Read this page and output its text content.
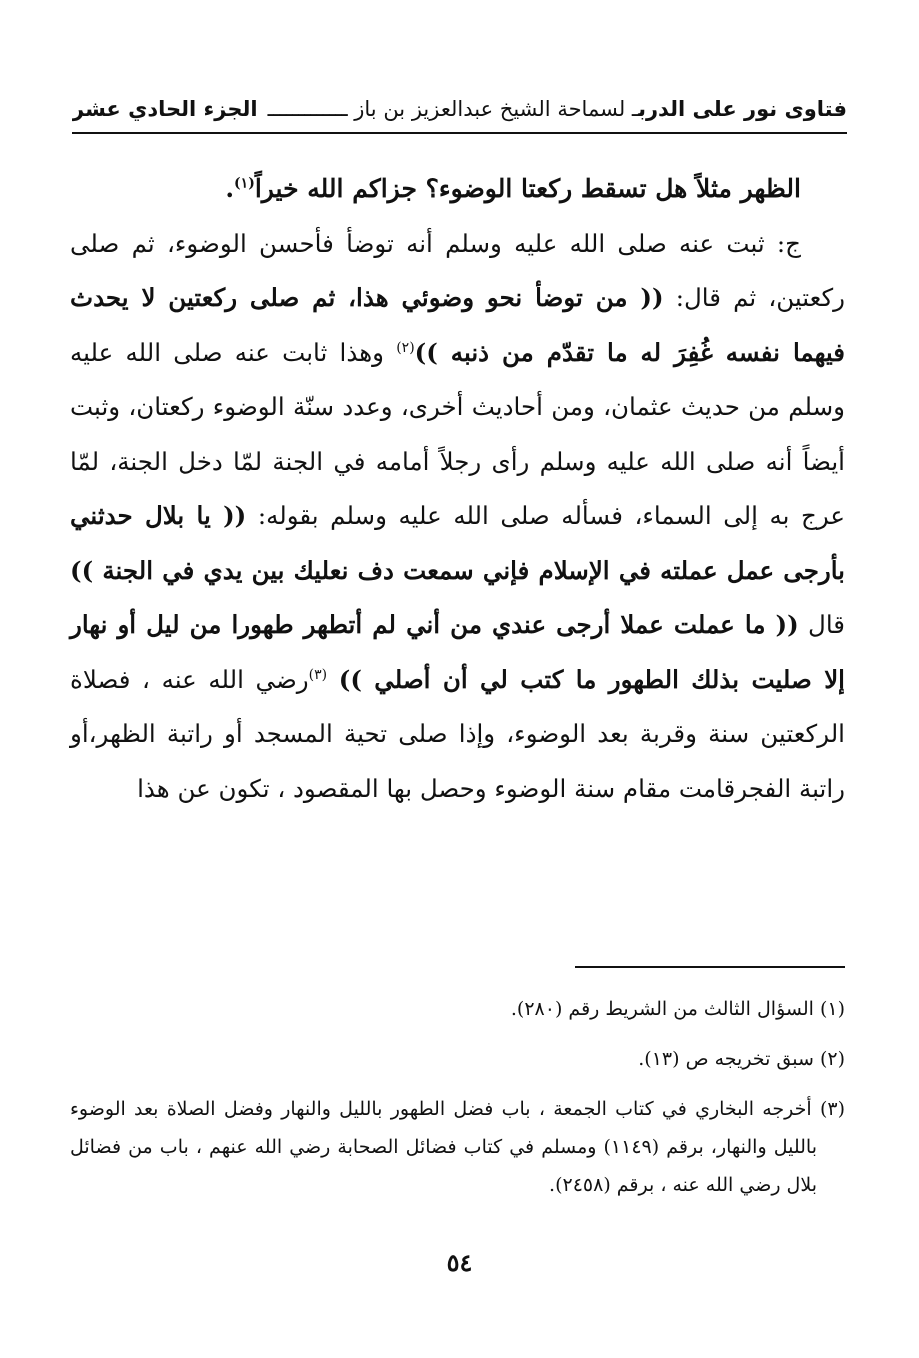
فتاوى نور على الدربـ لسماحة الشيخ عبدالعزيز بن باز ـــــــــــــ
الجزء الحادي عشر

الظهر مثلاً هل تسقط ركعتا الوضوء؟ جزاكم الله خيراً$^{(١)}$.

ج: ثبت عنه صلى الله عليه وسلم أنه توضأ فأحسن الوضوء، ثم صلى ركعتين، ثم قال: (( من توضأ نحو وضوئي هذا، ثم صلى ركعتين لا يحدث فيهما نفسه غُفِرَ له ما تقدّم من ذنبه ))$^{(٢)}$ وهذا ثابت عنه صلى الله عليه وسلم من حديث عثمان، ومن أحاديث أخرى، وعدد سنّة الوضوء ركعتان، وثبت أيضاً أنه صلى الله عليه وسلم رأى رجلاً أمامه في الجنة لمّا دخل الجنة، لمّا عرج به إلى السماء، فسأله صلى الله عليه وسلم بقوله: (( يا بلال حدثني بأرجى عمل عملته في الإسلام فإني سمعت دف نعليك بين يدي في الجنة )) قال (( ما عملت عملا أرجى عندي من أني لم أتطهر طهورا من ليل أو نهار إلا صليت بذلك الطهور ما كتب لي أن أصلي )) $^{(٣)}$رضي الله عنه ، فصلاة الركعتين سنة وقربة بعد الوضوء، وإذا صلى تحية المسجد أو راتبة الظهر،أو راتبة الفجرقامت مقام سنة الوضوء وحصل بها المقصود ، تكون عن هذا

(١) السؤال الثالث من الشريط رقم (٢٨٠).

(٢) سبق تخريجه ص (١٣).

(٣) أخرجه البخاري في كتاب الجمعة ، باب فضل الطهور بالليل والنهار وفضل الصلاة بعد الوضوء بالليل والنهار، برقم (١١٤٩) ومسلم في كتاب فضائل الصحابة رضي الله عنهم ، باب من فضائل بلال رضي الله عنه ، برقم (٢٤٥٨).

٥٤
